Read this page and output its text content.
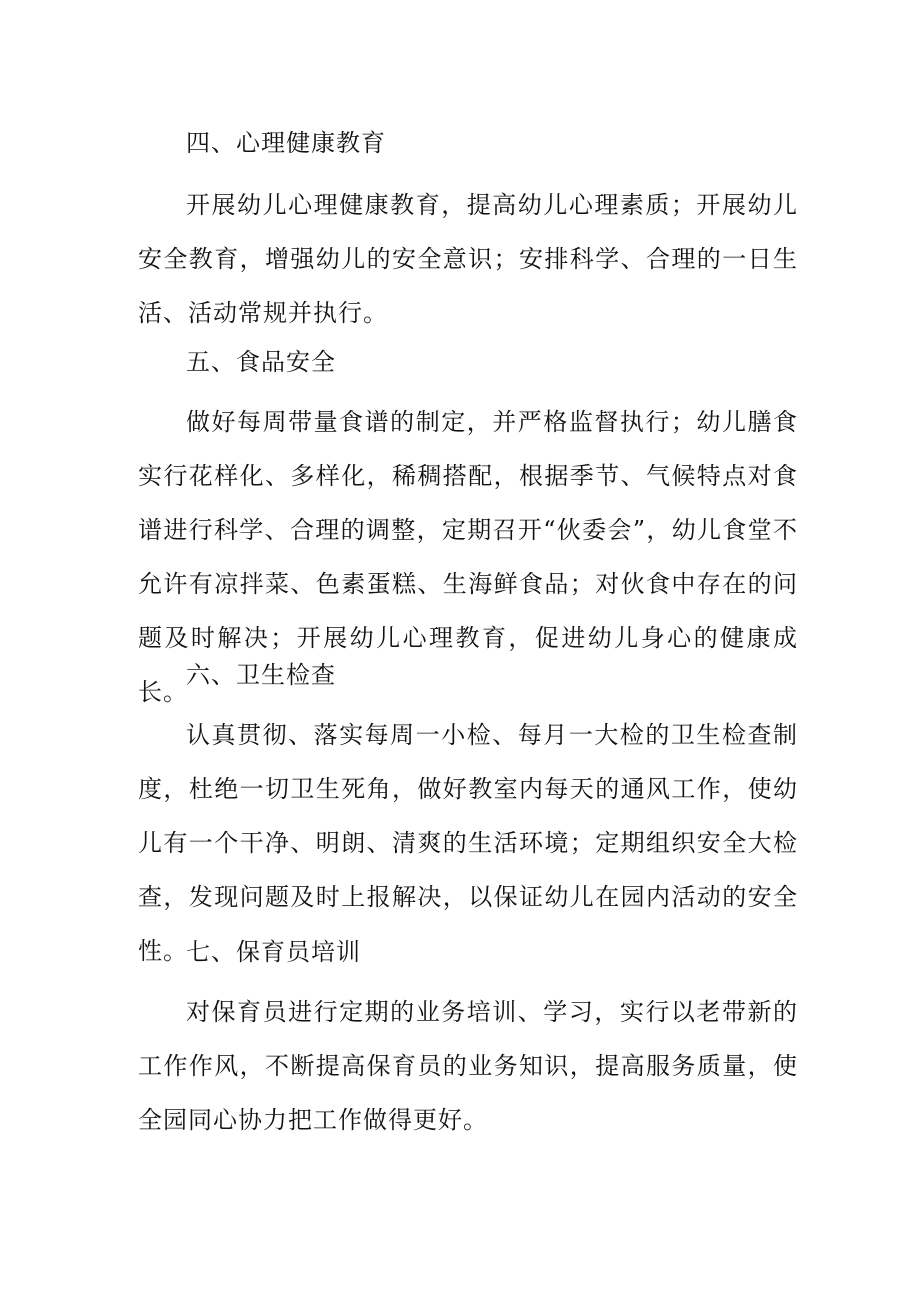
四、心理健康教育

开展幼儿心理健康教育，提高幼儿心理素质；开展幼儿安全教育，增强幼儿的安全意识；安排科学、合理的一日生活、活动常规并执行。

五、食品安全

做好每周带量食谱的制定，并严格监督执行；幼儿膳食实行花样化、多样化，稀稠搭配，根据季节、气候特点对食谱进行科学、合理的调整，定期召开“伙委会”，幼儿食堂不允许有凉拌菜、色素蛋糕、生海鲜食品；对伙食中存在的问题及时解决；开展幼儿心理教育，促进幼儿身心的健康成长。

六、卫生检查

认真贯彻、落实每周一小检、每月一大检的卫生检查制度，杜绝一切卫生死角，做好教室内每天的通风工作，使幼儿有一个干净、明朗、清爽的生活环境；定期组织安全大检查，发现问题及时上报解决，以保证幼儿在园内活动的安全性。

七、保育员培训

对保育员进行定期的业务培训、学习，实行以老带新的工作作风，不断提高保育员的业务知识，提高服务质量，使全园同心协力把工作做得更好。
